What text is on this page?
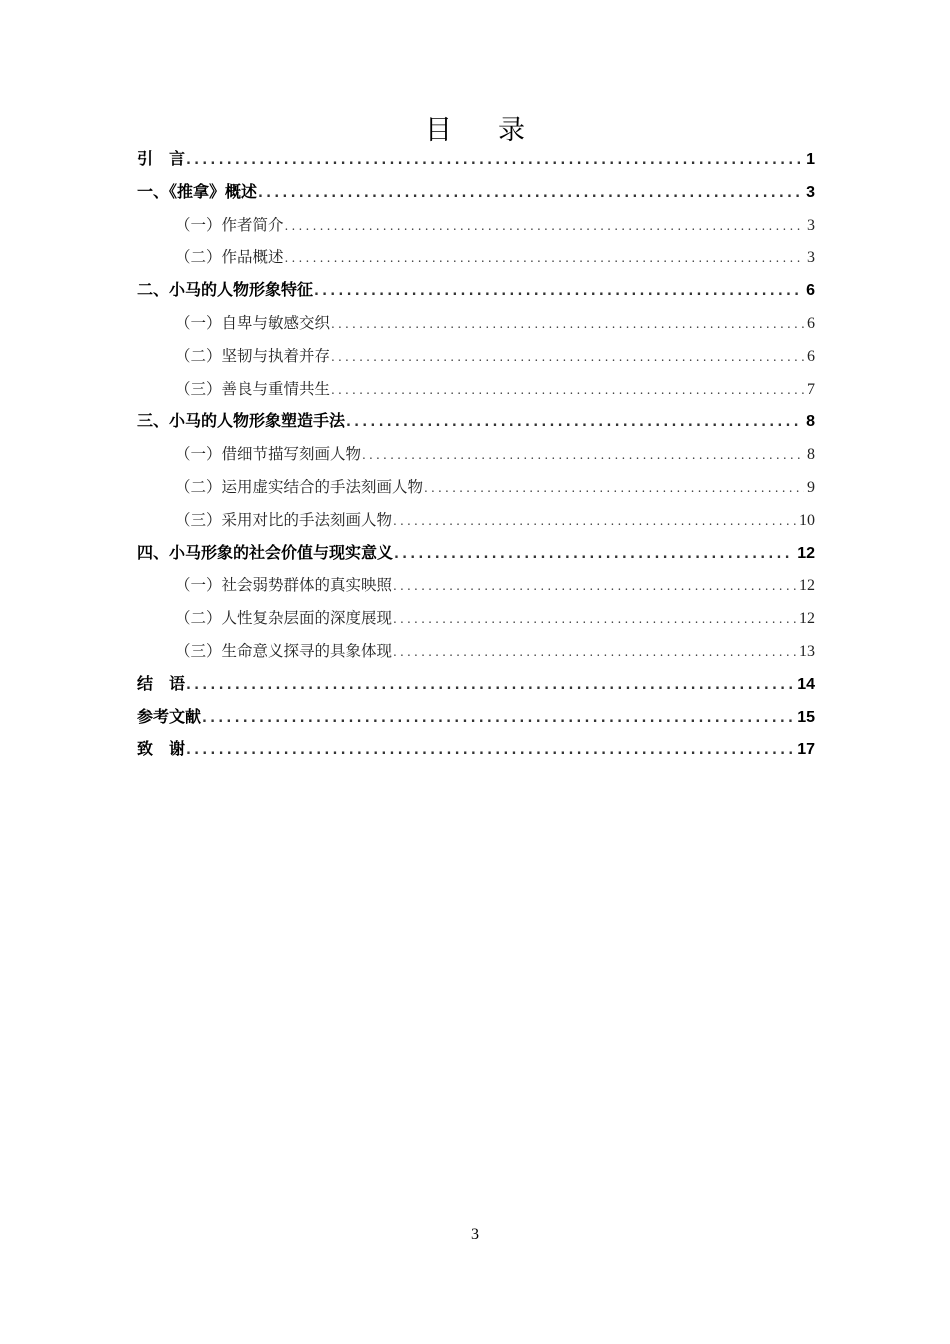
目 录
引　言 .....	1
一、《推拿》概述 .....	3
（一）作者简介 .....	3
（二）作品概述 .....	3
二、小马的人物形象特征 .....	6
（一）自卑与敏感交织 .....	6
（二）坚韧与执着并存 .....	6
（三）善良与重情共生 .....	7
三、小马的人物形象塑造手法 .....	8
（一）借细节描写刻画人物 .....	8
（二）运用虚实结合的手法刻画人物 .....	9
（三）采用对比的手法刻画人物 .....	10
四、小马形象的社会价值与现实意义 .....	12
（一）社会弱势群体的真实映照 .....	12
（二）人性复杂层面的深度展现 .....	12
（三）生命意义探寻的具象体现 .....	13
结　语 .....	14
参考文献 .....	15
致　谢 .....	17
3
